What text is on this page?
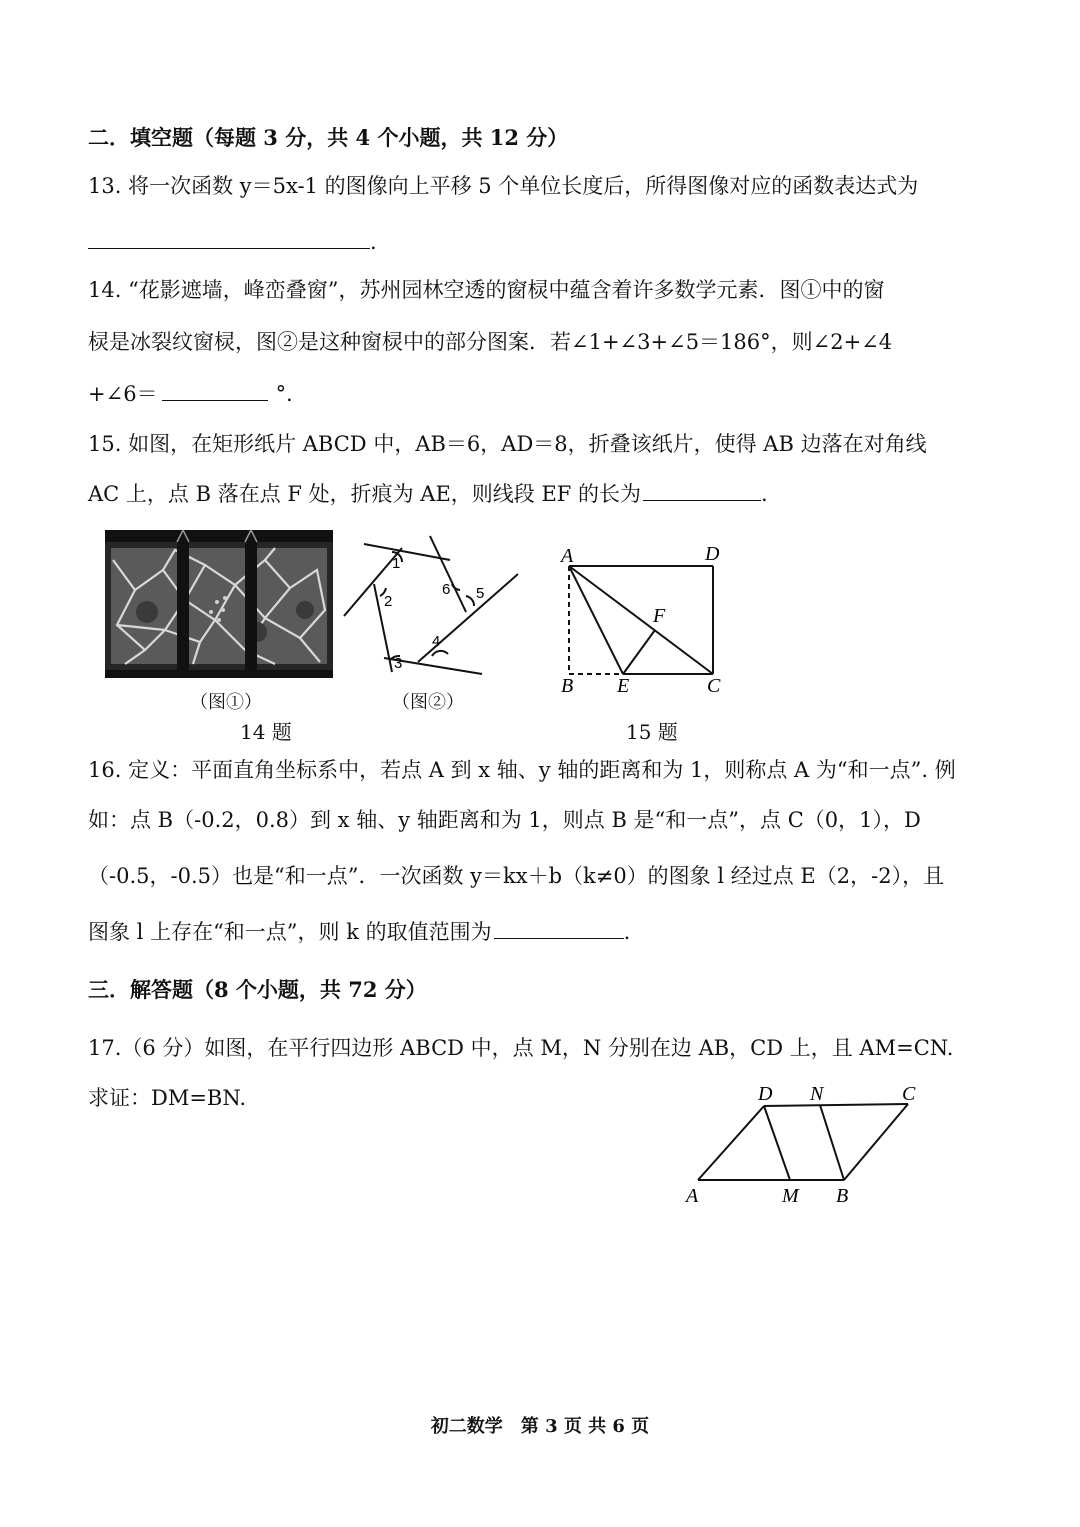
二．填空题（每题 3 分，共 4 个小题，共 12 分）
13. 将一次函数 y＝5x-1 的图像向上平移 5 个单位长度后，所得图像对应的函数表达式为
.
14. “花影遮墙，峰峦叠窗”，苏州园林空透的窗棂中蕴含着许多数学元素．图①中的窗
棂是冰裂纹窗棂，图②是这种窗棂中的部分图案．若∠1+∠3+∠5＝186°，则∠2+∠4
+∠6＝	°．
15. 如图，在矩形纸片 ABCD 中，AB＝6，AD＝8，折叠该纸片，使得 AB 边落在对角线
AC 上，点 B 落在点 F 处，折痕为 AE，则线段 EF 的长为	.
（图①）
14 题
1
2
3
4
5
6
（图②）
A	D
F
B E	C
15 题
16. 定义：平面直角坐标系中，若点 A 到 x 轴、y 轴的距离和为 1，则称点 A 为“和一点”. 例
如：点 B（-0.2，0.8）到 x 轴、y 轴距离和为 1，则点 B 是“和一点”，点 C（0，1），D
（-0.5，-0.5）也是“和一点”．一次函数 y＝kx＋b（k≠0）的图象 l 经过点 E（2，-2），且
图象 l 上存在“和一点”，则 k 的取值范围为	.
三．解答题（8 个小题，共 72 分）
17.（6 分）如图，在平行四边形 ABCD 中，点 M，N 分别在边 AB，CD 上，且 AM=CN.
求证：DM=BN.	D N	C
A	M B
初二数学　第 3 页 共 6 页
